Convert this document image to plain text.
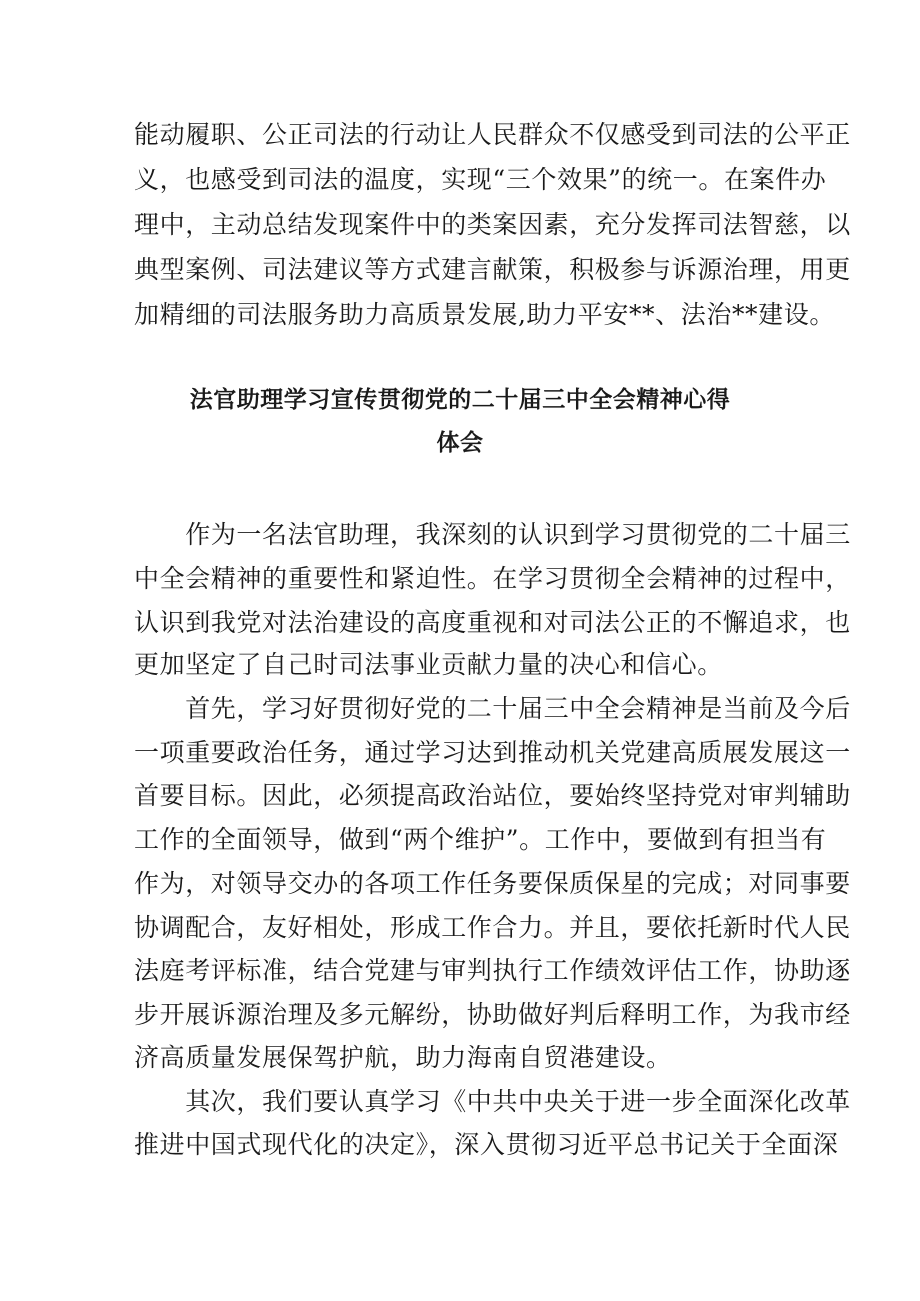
能动履职、公正司法的行动让人民群众不仅感受到司法的公平正
义，也感受到司法的温度，实现“三个效果”的统一。在案件办
理中，主动总结发现案件中的类案因素，充分发挥司法智慈，以
典型案例、司法建议等方式建言献策，积极参与诉源治理，用更
加精细的司法服务助力高质景发展,助力平安**、法治**建设。
法官助理学习宣传贯彻党的二十届三中全会精神心得
体会
　　作为一名法官助理，我深刻的认识到学习贯彻党的二十届三
中全会精神的重要性和紧迫性。在学习贯彻全会精神的过程中，
认识到我党对法治建设的高度重视和对司法公正的不懈追求，也
更加坚定了自己时司法事业贡献力量的决心和信心。
　　首先，学习好贯彻好党的二十届三中全会精神是当前及今后
一项重要政治任务，通过学习达到推动机关党建高质展发展这一
首要目标。因此，必须提高政治站位，要始终坚持党对审判辅助
工作的全面领导，做到“两个维护”。工作中，要做到有担当有
作为，对领导交办的各项工作任务要保质保星的完成；对同事要
协调配合，友好相处，形成工作合力。并且，要依托新时代人民
法庭考评标准，结合党建与审判执行工作绩效评估工作，协助逐
步开展诉源治理及多元解纷，协助做好判后释明工作，为我市经
济高质量发展保驾护航，助力海南自贸港建设。
　　其次，我们要认真学习《中共中央关于进一步全面深化改革
推进中国式现代化的决定》，深入贯彻习近平总书记关于全面深
